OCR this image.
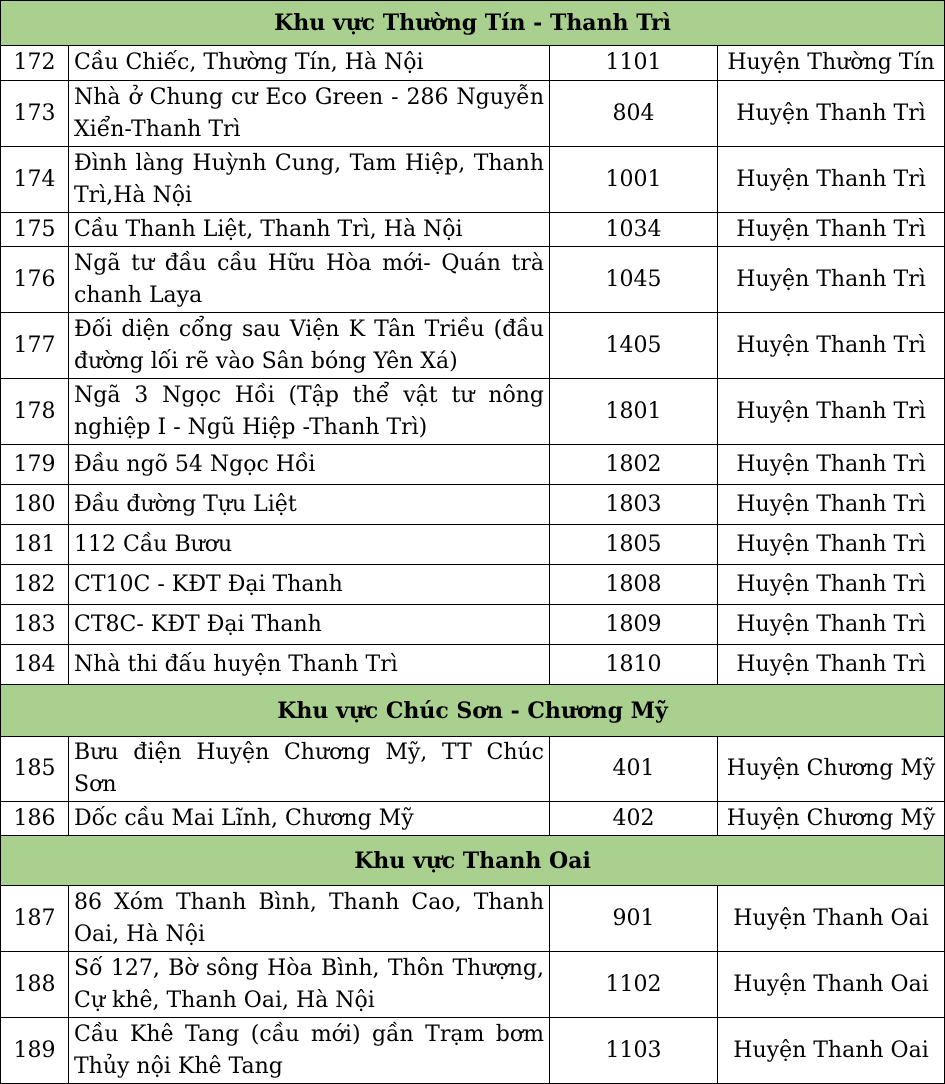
Khu vực Thường Tín - Thanh Trì			
172	Cầu Chiếc, Thường Tín, Hà Nội	1101	Huyện Thường Tín
173	Nhà ở Chung cư Eco Green - 286 Nguyễn Xiển-Thanh Trì	804	Huyện Thanh Trì
174	Đình làng Huỳnh Cung, Tam Hiệp, Thanh Trì,Hà Nội	1001	Huyện Thanh Trì
175	Cầu Thanh Liệt, Thanh Trì, Hà Nội	1034	Huyện Thanh Trì
176	Ngã tư đầu cầu Hữu Hòa mới- Quán trà chanh Laya	1045	Huyện Thanh Trì
177	Đối diện cổng sau Viện K Tân Triều (đầu đường lối rẽ vào Sân bóng Yên Xá)	1405	Huyện Thanh Trì
178	Ngã 3 Ngọc Hồi (Tập thể vật tư nông nghiệp I - Ngũ Hiệp -Thanh Trì)	1801	Huyện Thanh Trì
179	Đầu ngõ 54 Ngọc Hồi	1802	Huyện Thanh Trì
180	Đầu đường Tựu Liệt	1803	Huyện Thanh Trì
181	112 Cầu Bươu	1805	Huyện Thanh Trì
182	CT10C - KĐT Đại Thanh	1808	Huyện Thanh Trì
183	CT8C- KĐT Đại Thanh	1809	Huyện Thanh Trì
184	Nhà thi đấu huyện Thanh Trì	1810	Huyện Thanh Trì
Khu vực Chúc Sơn - Chương Mỹ			
185	Bưu điện Huyện Chương Mỹ, TT Chúc Sơn	401	Huyện Chương Mỹ
186	Dốc cầu Mai Lĩnh, Chương Mỹ	402	Huyện Chương Mỹ
Khu vực Thanh Oai			
187	86 Xóm Thanh Bình, Thanh Cao, Thanh Oai, Hà Nội	901	Huyện Thanh Oai
188	Số 127, Bờ sông Hòa Bình, Thôn Thượng, Cự khê, Thanh Oai, Hà Nội	1102	Huyện Thanh Oai
189	Cầu Khê Tang (cầu mới) gần Trạm bơm Thủy nội Khê Tang	1103	Huyện Thanh Oai
